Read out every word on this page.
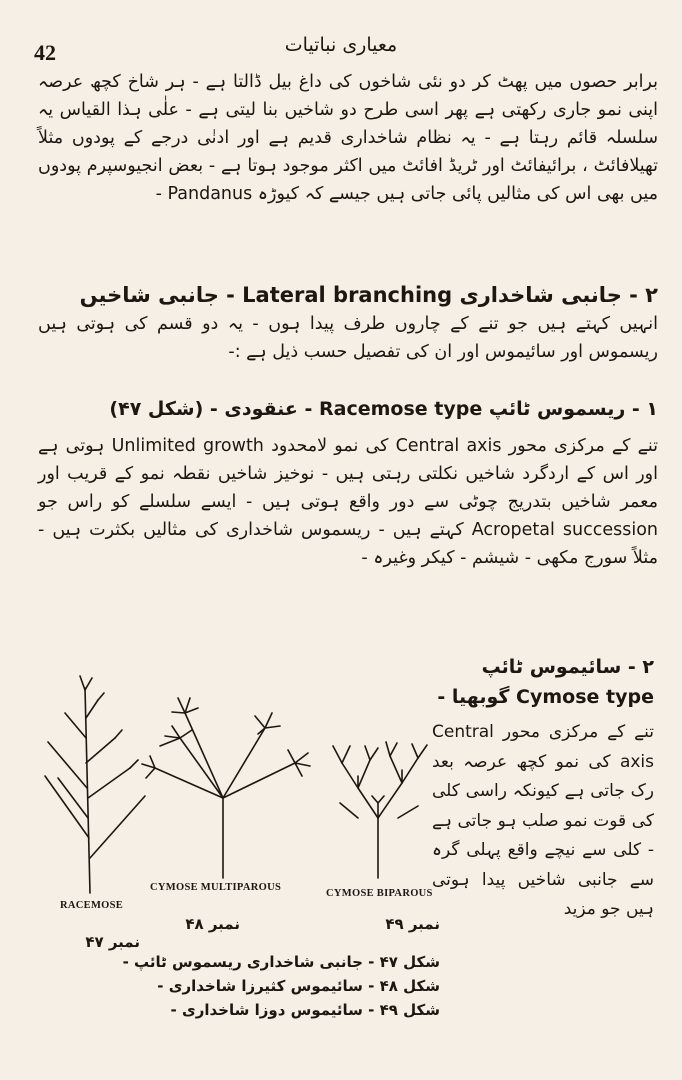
42	معیاری نباتیات
برابر حصوں میں پھٹ کر دو نئی شاخوں کی داغ بیل ڈالتا ہے - ہر شاخ کچھ عرصہ اپنی نمو جاری رکھتی ہے پھر اسی طرح دو شاخیں بنا لیتی ہے - علٰی ہذا القیاس یہ سلسلہ قائم رہتا ہے - یہ نظام شاخداری قدیم ہے اور ادنٰی درجے کے پودوں مثلاً تھیلافائٹ ، برائیفائٹ اور ٹریڈ افائٹ میں اکثر موجود ہوتا ہے - بعض انجیوسپرم پودوں میں بھی اس کی مثالیں پائی جاتی ہیں جیسے کہ کیوڑہ Pandanus -
۲ - جانبی شاخداری Lateral branching - جانبی شاخیں
انہیں کہتے ہیں جو تنے کے چاروں طرف پیدا ہوں - یہ دو قسم کی ہوتی ہیں ریسموس اور سائیموس اور ان کی تفصیل حسب ذیل ہے :-
۱ - ریسموس ٹائپ Racemose type - عنقودی - (شکل ۴۷)
تنے کے مرکزی محور Central axis کی نمو لامحدود Unlimited growth ہوتی ہے اور اس کے اردگرد شاخیں نکلتی رہتی ہیں - نوخیز شاخیں نقطہ نمو کے قریب اور معمر شاخیں بتدریج چوٹی سے دور واقع ہوتی ہیں - ایسے سلسلے کو راس جو Acropetal succession کہتے ہیں - ریسموس شاخداری کی مثالیں بکثرت ہیں - مثلاً سورج مکھی - شیشم - کیکر وغیرہ -
۲ - سائیموس ٹائپ Cymose type گوبھیا -
تنے کے مرکزی محور Central axis کی نمو کچھ عرصہ بعد رک جاتی ہے کیونکہ راسی کلی کی قوت نمو صلب ہو جاتی ہے - کلی سے نیچے واقع پہلی گرہ سے جانبی شاخیں پیدا ہوتی ہیں جو مزید
RACEMOSE
CYMOSE MULTIPAROUS
CYMOSE BIPAROUS
نمبر ۴۹
نمبر ۴۸
نمبر ۴۷
شکل ۴۷ - جانبی شاخداری ریسموس ٹائپ -
شکل ۴۸ - سائیموس کثیرزا شاخداری -
شکل ۴۹ - سائیموس دوزا شاخداری -
